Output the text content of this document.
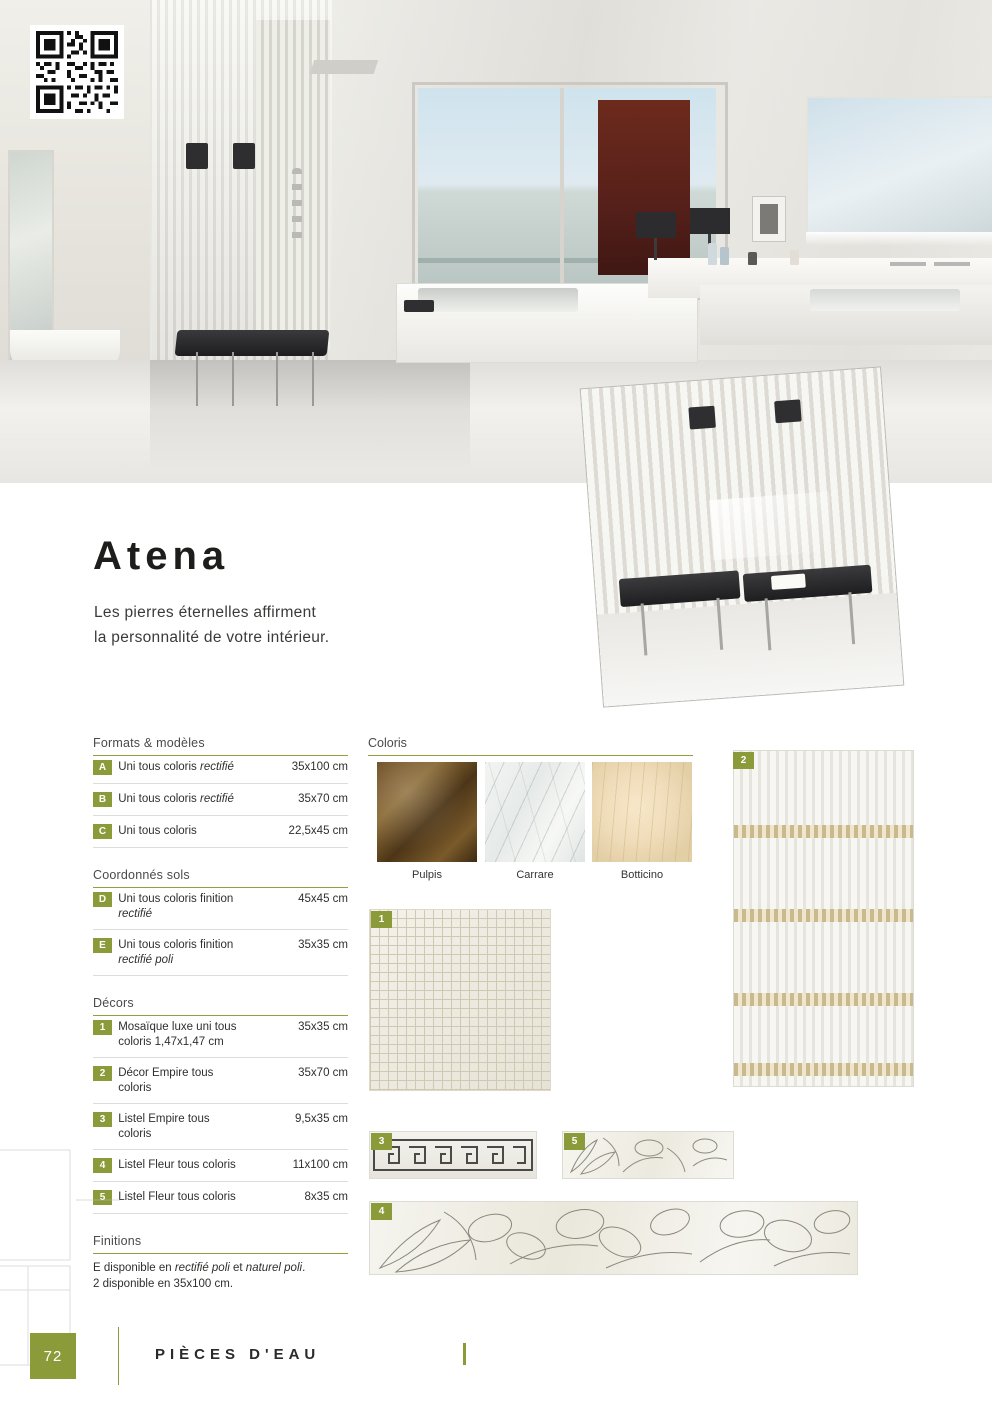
Atena
Les pierres éternelles affirment
la personnalité de votre intérieur.
Formats & modèles
A	Uni tous coloris rectifié	35x100 cm

B	Uni tous coloris rectifié	35x70 cm

C	Uni tous coloris	22,5x45 cm

Coordonnés sols
D	Uni tous coloris finition
rectifié	45x45 cm

E	Uni tous coloris finition
rectifié poli	35x35 cm

Décors
1	Mosaïque luxe uni tous
coloris 1,47x1,47 cm	35x35 cm

2	Décor Empire tous
coloris	35x70 cm

3	Listel Empire tous
coloris	9,5x35 cm

4	Listel Fleur tous coloris	11x100 cm

5	Listel Fleur tous coloris	8x35 cm

Finitions
E disponible en rectifié poli et naturel poli.
2 disponible en 35x100 cm.
Coloris
Pulpis	Carrare	Botticino
2
1
3	5
4
72	PIÈCES D'EAU
